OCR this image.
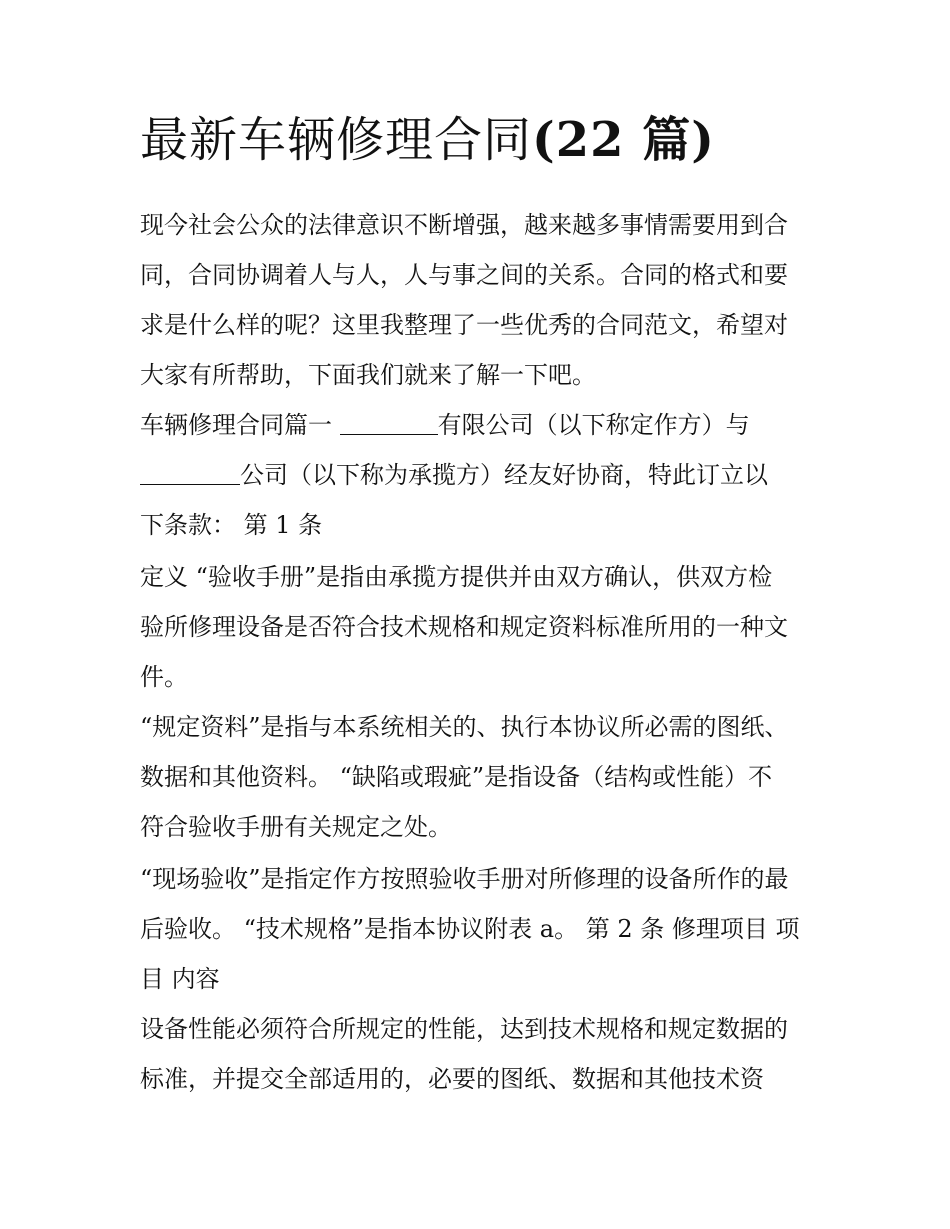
最新车辆修理合同(22 篇)

现今社会公众的法律意识不断增强，越来越多事情需要用到合

同，合同协调着人与人，人与事之间的关系。合同的格式和要

求是什么样的呢？这里我整理了一些优秀的合同范文，希望对

大家有所帮助，下面我们就来了解一下吧。

车辆修理合同篇一	有限公司（以下称定作方）与

公司（以下称为承揽方）经友好协商，特此订立以

下条款： 第 1 条

定义 “验收手册”是指由承揽方提供并由双方确认，供双方检

验所修理设备是否符合技术规格和规定资料标准所用的一种文

件。

“规定资料”是指与本系统相关的、执行本协议所必需的图纸、

数据和其他资料。 “缺陷或瑕疵”是指设备（结构或性能）不

符合验收手册有关规定之处。

“现场验收”是指定作方按照验收手册对所修理的设备所作的最

后验收。 “技术规格”是指本协议附表 a。 第 2 条 修理项目 项

目 内容

设备性能必须符合所规定的性能，达到技术规格和规定数据的

标准，并提交全部适用的，必要的图纸、数据和其他技术资
